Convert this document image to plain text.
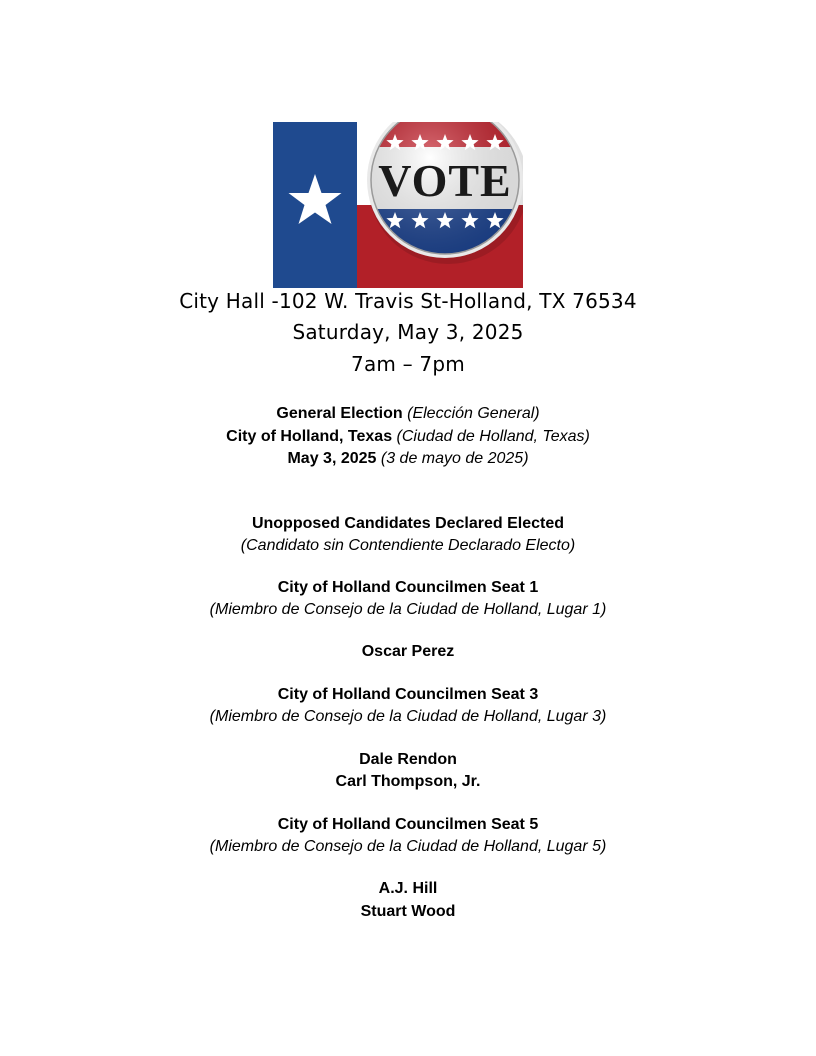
VOTE
City Hall -102 W. Travis St-Holland, TX 76534
Saturday, May 3, 2025
7am – 7pm
General Election (Elección General)
City of Holland, Texas (Ciudad de Holland, Texas)
May 3, 2025 (3 de mayo de 2025)
Unopposed Candidates Declared Elected
(Candidato sin Contendiente Declarado Electo)
City of Holland Councilmen Seat 1
(Miembro de Consejo de la Ciudad de Holland, Lugar 1)
Oscar Perez
City of Holland Councilmen Seat 3
(Miembro de Consejo de la Ciudad de Holland, Lugar 3)
Dale Rendon
Carl Thompson, Jr.
City of Holland Councilmen Seat 5
(Miembro de Consejo de la Ciudad de Holland, Lugar 5)
A.J. Hill
Stuart Wood
